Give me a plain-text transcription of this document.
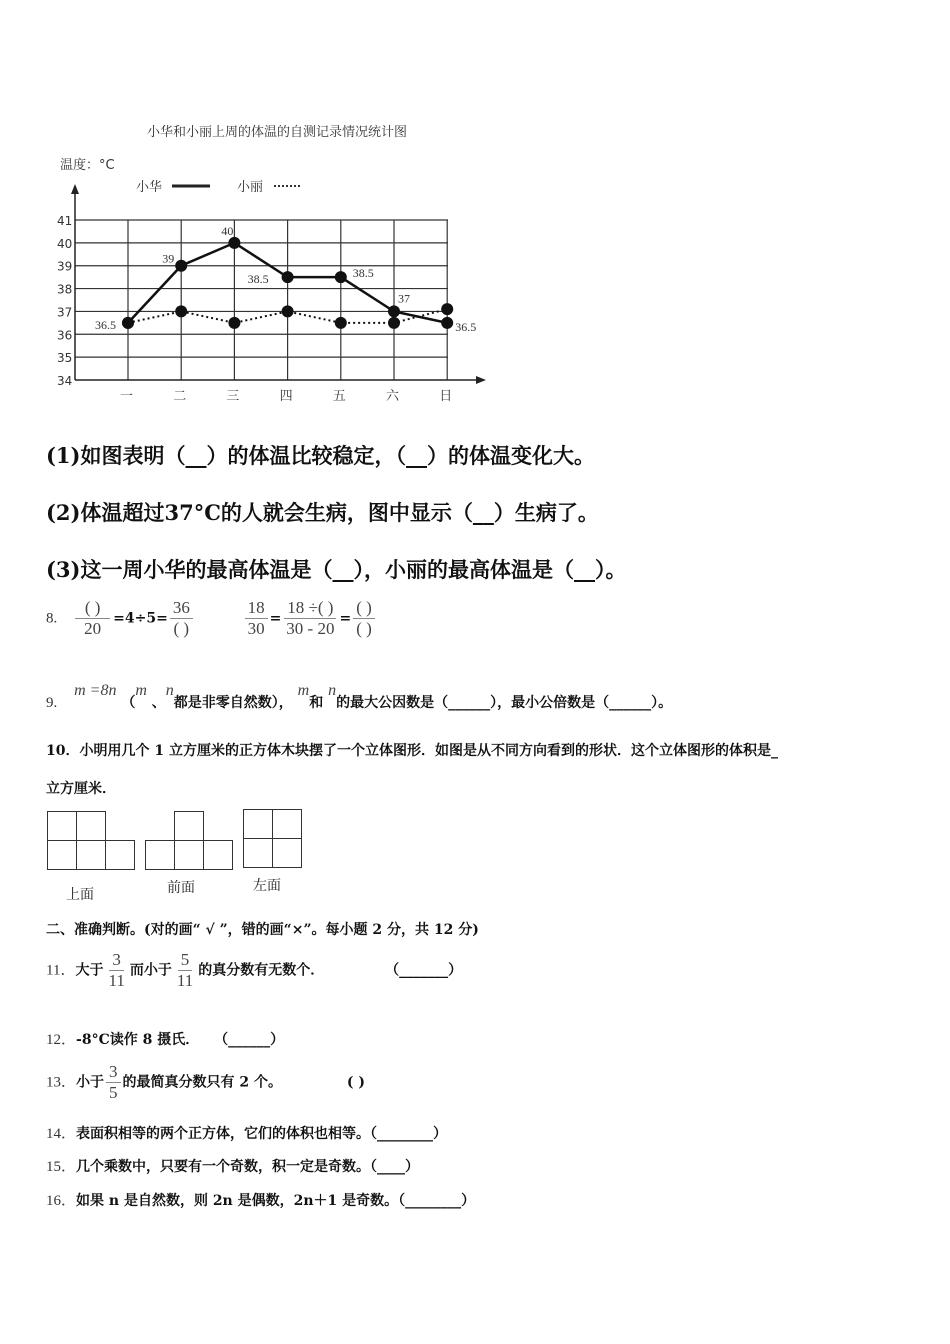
小华和小丽上周的体温的自测记录情况统计图
温度：°C
小华	小丽
34
35
36
37
38
39
40
41
一	二	三	四	五	六	日
36.5
39
40
38.5	38.5
37
36.5
(1)如图表明（__）的体温比较稳定，（__）的体温变化大。
(2)体温超过37°C的人就会生病，图中显示（__）生病了。
(3)这一周小华的最高体温是（__），小丽的最高体温是（__）。
8. $\frac{( )}{20} =4\div 5= \frac{36}{( )}$
	$\frac{18}{30} = \frac{18 \div( )}{30 - 20} = \frac{( )}{( )}$
9. m =8n （m 、n都是非零自然数）， m和 n的最大公因数是（______），最小公倍数是（______）。
10．小明用几个 1 立方厘米的正方体木块摆了一个立体图形．如图是从不同方向看到的形状．这个立体图形的体积是_
立方厘米．
上面	前面	左面
二、准确判断。(对的画“ √ ”，错的画“×”。每小题 2 分，共 12 分)
11．大于 $\frac{3}{11}$ 而小于 $\frac{5}{11}$ 的真分数有无数个．	（_______）
12．-8°C读作 8 摄氏． （______）
13．小于 $\frac{3}{5}$ 的最简真分数只有 2 个。	( )
14．表面积相等的两个正方体，它们的体积也相等。（________）
15．几个乘数中，只要有一个奇数，积一定是奇数。（____）
16．如果 n 是自然数，则 2n 是偶数，2n＋1 是奇数。（________）
